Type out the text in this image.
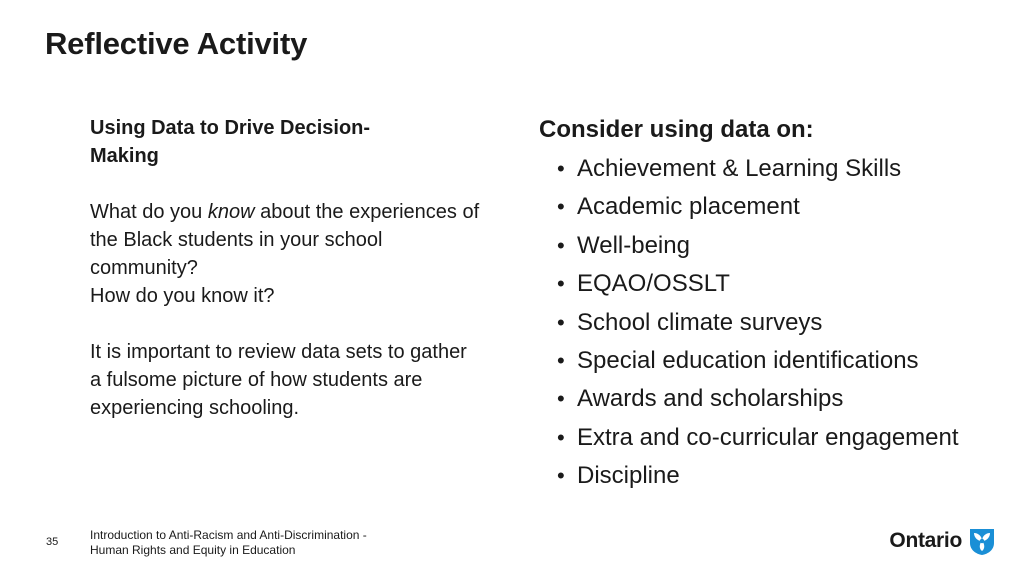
Reflective Activity

Using Data to Drive Decision-Making

What do you know about the experiences of the Black students in your school community?
How do you know it?

It is important to review data sets to gather a fulsome picture of how students are experiencing schooling.

Consider using data on:
• Achievement & Learning Skills
• Academic placement
• Well-being
• EQAO/OSSLT
• School climate surveys
• Special education identifications
• Awards and scholarships
• Extra and co-curricular engagement
• Discipline
35	Introduction to Anti-Racism and Anti-Discrimination -
Human Rights and Equity in Education	Ontario
